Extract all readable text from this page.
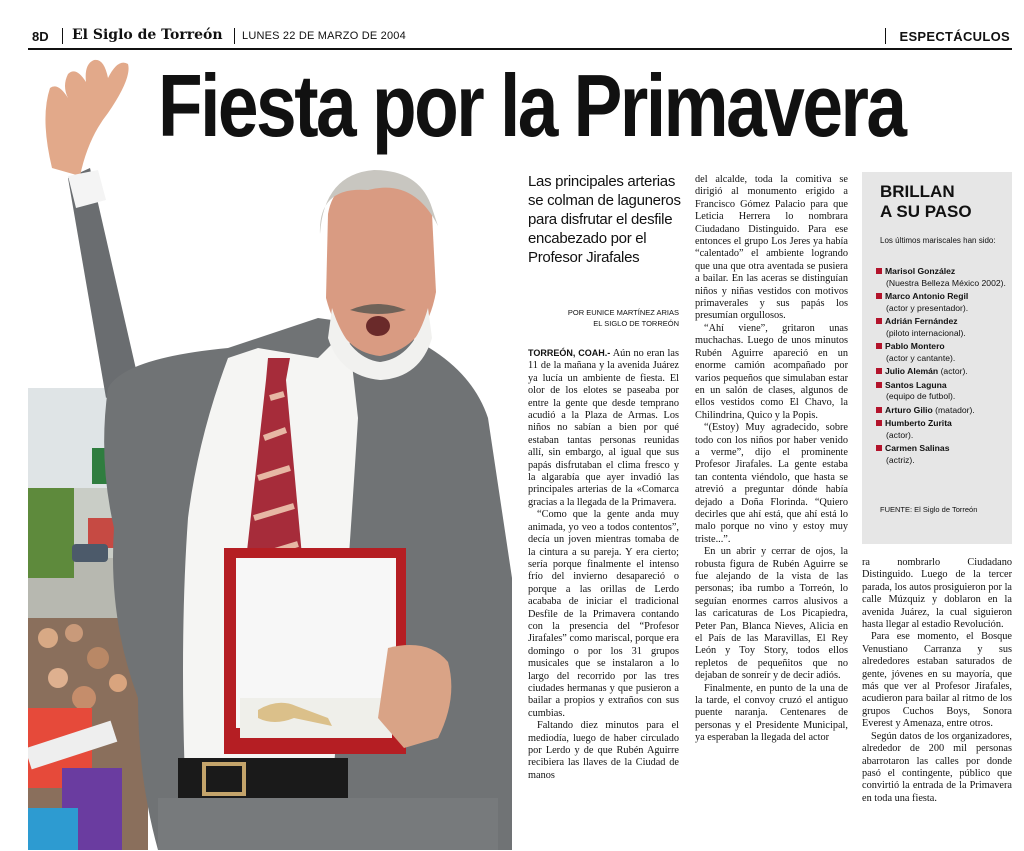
8D El Siglo de Torreón LUNES 22 DE MARZO DE 2004	ESPECTÁCULOS
Fiesta por la Primavera
Las principales arterias se colman de laguneros para disfrutar el desfile encabezado por el Profesor Jirafales
POR EUNICE MARTÍNEZ ARIAS
EL SIGLO DE TORREÓN

TORREÓN, COAH.- Aún no eran las 11 de la mañana y la avenida Juárez ya lucía un ambiente de fiesta. El olor de los elotes se paseaba por entre la gente que desde temprano acudió a la Plaza de Armas. Los niños no sabían a bien por qué estaban tantas personas reunidas allí, sin embargo, al igual que sus papás disfrutaban el clima fresco y la algarabía que ayer invadió las principales arterias de la «Comarca gracias a la llegada de la Primavera.

“Como que la gente anda muy animada, yo veo a todos contentos”, decía un joven mientras tomaba de la cintura a su pareja. Y era cierto; sería porque finalmente el intenso frío del invierno desapareció o porque a las orillas de Lerdo acababa de iniciar el tradicional Desfile de la Primavera contando con la presencia del “Profesor Jirafales” como mariscal, porque era domingo o por los 31 grupos musicales que se instalaron a lo largo del recorrido por las tres ciudades hermanas y que pusieron a bailar a propios y extraños con sus cumbias.

Faltando diez minutos para el mediodía, luego de haber circulado por Lerdo y de que Rubén Aguirre recibiera las llaves de la Ciudad de manos

del alcalde, toda la comitiva se dirigió al monumento erigido a Francisco Gómez Palacio para que Leticia Herrera lo nombrara Ciudadano Distinguido. Para ese entonces el grupo Los Jeres ya había “calentado” el ambiente logrando que una que otra aventada se pusiera a bailar. En las aceras se distinguían niños y niñas vestidos con motivos primaverales y sus papás los presumían orgullosos.

“Ahí viene”, gritaron unas muchachas. Luego de unos minutos Rubén Aguirre apareció en un enorme camión acompañado por varios pequeños que simulaban estar en un salón de clases, algunos de ellos vestidos como El Chavo, la Chilindrina, Quico y la Popis.

“(Estoy) Muy agradecido, sobre todo con los niños por haber venido a verme”, dijo el prominente Profesor Jirafales. La gente estaba tan contenta viéndolo, que hasta se atrevió a preguntar dónde había dejado a Doña Florinda. “Quiero decirles que ahí está, que ahí está lo malo porque no vino y estoy muy triste...”.

En un abrir y cerrar de ojos, la robusta figura de Rubén Aguirre se fue alejando de la vista de las personas; iba rumbo a Torreón, lo seguían enormes carros alusivos a las caricaturas de Los Picapiedra, Peter Pan, Blanca Nieves, Alicia en el País de las Maravillas, El Rey León y Toy Story, todos ellos repletos de pequeñitos que no dejaban de sonreír y de decir adiós.

Finalmente, en punto de la una de la tarde, el convoy cruzó el antiguo puente naranja. Centenares de personas y el Presidente Municipal, ya esperaban la llegada del actor

BRILLAN
A SU PASO
Los últimos mariscales han sido:
Marisol González
(Nuestra Belleza México 2002).
Marco Antonio Regil
(actor y presentador).
Adrián Fernández
(piloto internacional).
Pablo Montero
(actor y cantante).
Julio Alemán (actor).
Santos Laguna
(equipo de futbol).
Arturo Gilio (matador).
Humberto Zurita
(actor).
Carmen Salinas
(actriz).
FUENTE: El Siglo de Torreón

ra nombrarlo Ciudadano Distinguido. Luego de la tercer parada, los autos prosiguieron por la calle Múzquiz y doblaron en la avenida Juárez, la cual siguieron hasta llegar al estadio Revolución.

Para ese momento, el Bosque Venustiano Carranza y sus alrededores estaban saturados de gente, jóvenes en su mayoría, que más que ver al Profesor Jirafales, acudieron para bailar al ritmo de los grupos Cuchos Boys, Sonora Everest y Amenaza, entre otros.

Según datos de los organizadores, alrededor de 200 mil personas abarrotaron las calles por donde pasó el contingente, público que convirtió la entrada de la Primavera en toda una fiesta.
